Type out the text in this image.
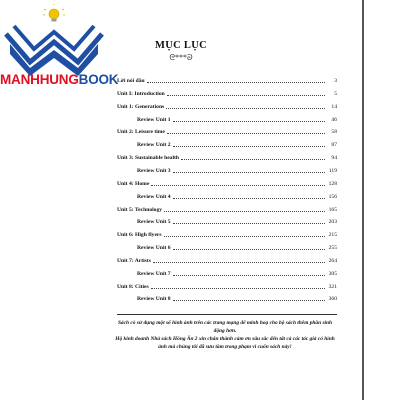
MANHHUNGBOOK
MỤC LỤC
ᘓ***ᘐ
Lời nói đầu	3
Unit I: Introduction	5
Unit 1: Generations	14
Review Unit 1	46
Unit 2: Leisure time	58
Review Unit 2	87
Unit 3: Sustainable health	94
Review Unit 3	119
Unit 4: Home	128
Review Unit 4	156
Unit 5: Technology	165
Review Unit 5	203
Unit 6: High flyers	215
Review Unit 6	255
Unit 7: Artists	264
Review Unit 7	305
Unit 8: Cities	321
Review Unit 8	360
Sách có sử dụng một số hình ảnh trên các trang mạng để minh hoạ cho bộ sách thêm phần sinh động hơn.
Hộ kinh doanh Nhà sách Hồng Ân 2 xin chân thành cảm ơn sâu sắc đến tất cả các tác giả có hình ảnh mà chúng tôi đã sưu tầm trong phạm vi cuốn sách này!
